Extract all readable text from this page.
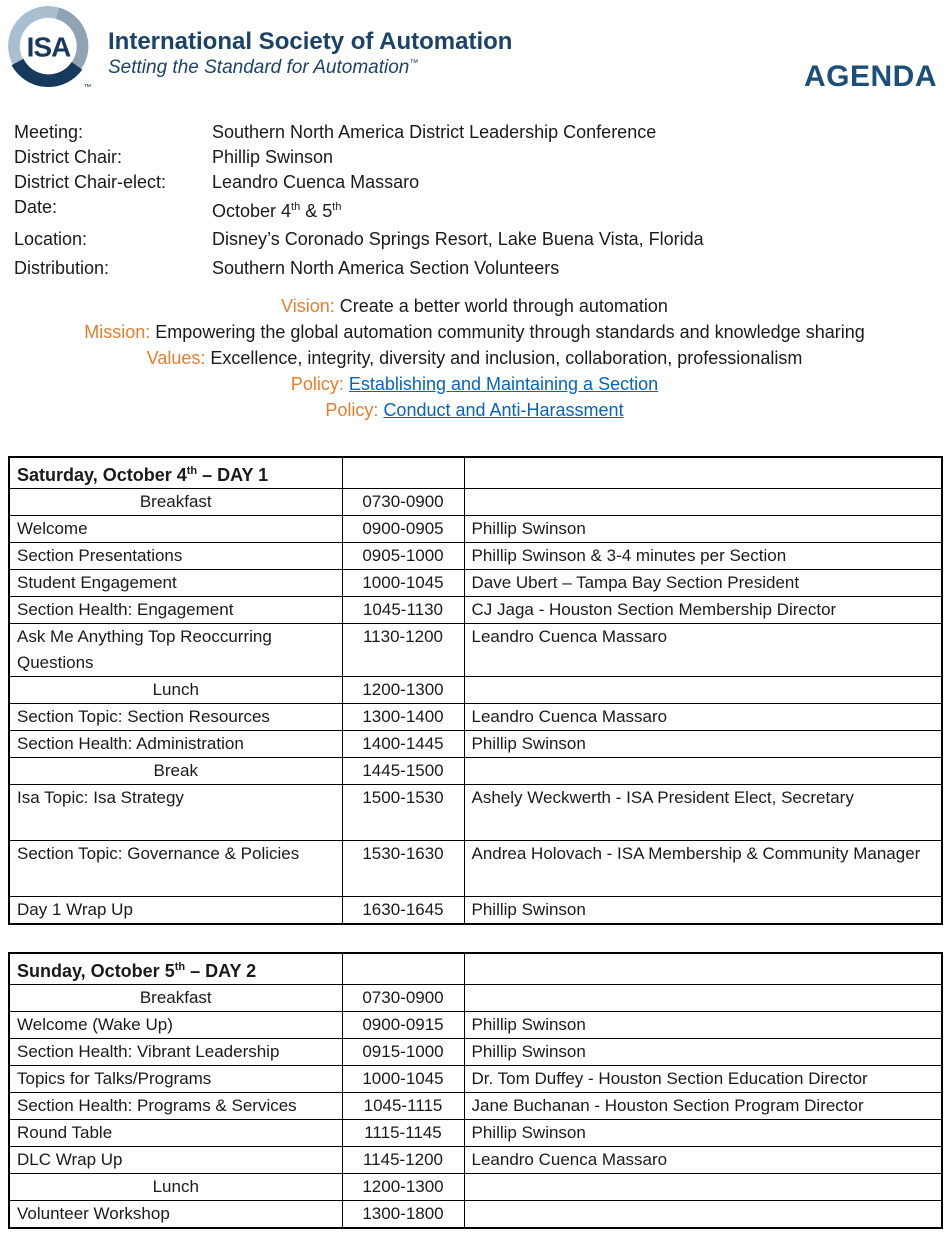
ISA
™
International Society of Automation
Setting the Standard for Automation™	AGENDA
Meeting:	Southern North America District Leadership Conference
District Chair:	Phillip Swinson
District Chair-elect:	Leandro Cuenca Massaro
Date:	October 4th & 5th
Location:	Disney’s Coronado Springs Resort, Lake Buena Vista, Florida
Distribution:	Southern North America Section Volunteers
Vision: Create a better world through automation
Mission: Empowering the global automation community through standards and knowledge sharing
Values: Excellence, integrity, diversity and inclusion, collaboration, professionalism
Policy: Establishing and Maintaining a Section
Policy: Conduct and Anti-Harassment
Saturday, October 4th – DAY 1		
Breakfast	0730-0900	
Welcome	0900-0905	Phillip Swinson
Section Presentations	0905-1000	Phillip Swinson & 3-4 minutes per Section
Student Engagement	1000-1045	Dave Ubert – Tampa Bay Section President
Section Health: Engagement	1045-1130	CJ Jaga - Houston Section Membership Director
Ask Me Anything Top Reoccurring Questions	1130-1200	Leandro Cuenca Massaro
Lunch	1200-1300	
Section Topic: Section Resources	1300-1400	Leandro Cuenca Massaro
Section Health: Administration	1400-1445	Phillip Swinson
Break	1445-1500	
Isa Topic: Isa Strategy	1500-1530	Ashely Weckwerth - ISA President Elect, Secretary
Section Topic: Governance & Policies	1530-1630	Andrea Holovach - ISA Membership & Community Manager
Day 1 Wrap Up	1630-1645	Phillip Swinson
Sunday, October 5th – DAY 2		
Breakfast	0730-0900	
Welcome (Wake Up)	0900-0915	Phillip Swinson
Section Health: Vibrant Leadership	0915-1000	Phillip Swinson
Topics for Talks/Programs	1000-1045	Dr. Tom Duffey - Houston Section Education Director
Section Health: Programs & Services	1045-1115	Jane Buchanan - Houston Section Program Director
Round Table	1115-1145	Phillip Swinson
DLC Wrap Up	1145-1200	Leandro Cuenca Massaro
Lunch	1200-1300	
Volunteer Workshop	1300-1800	
